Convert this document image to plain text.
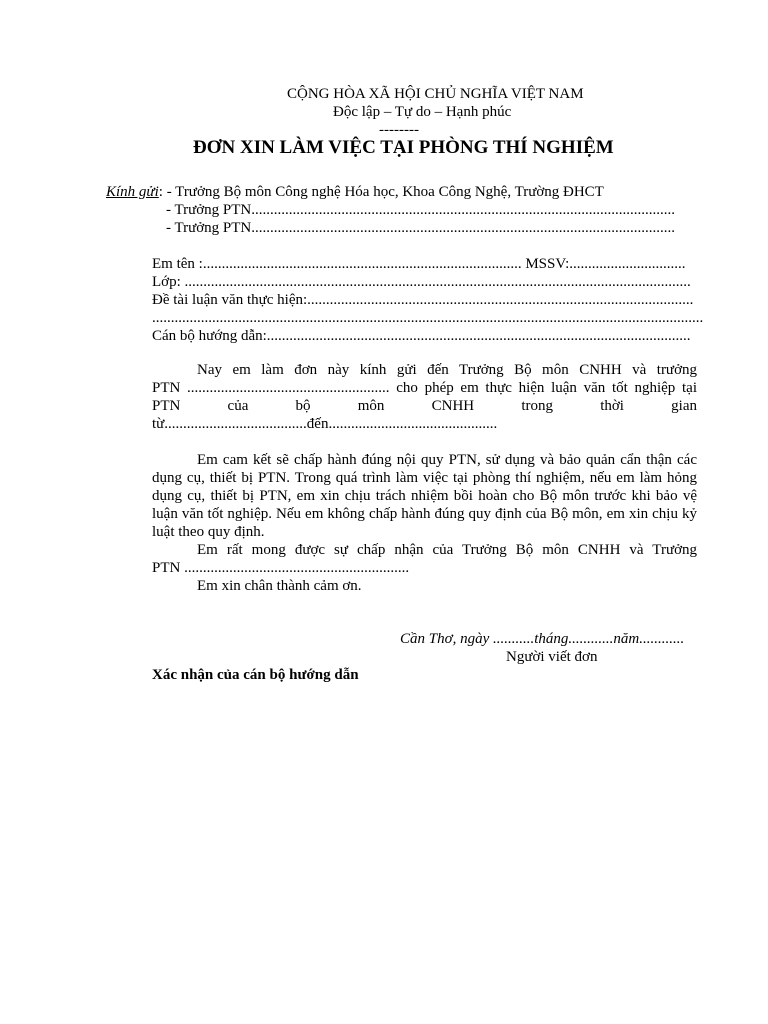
CỘNG HÒA XÃ HỘI CHỦ NGHĨA VIỆT NAM
Độc lập – Tự do – Hạnh phúc
--------
ĐƠN XIN LÀM VIỆC TẠI PHÒNG THÍ NGHIỆM
Kính gửi: - Trưởng Bộ môn Công nghệ Hóa học, Khoa Công Nghệ, Trường ĐHCT
- Trưởng PTN.................................................................................................................
- Trưởng PTN.................................................................................................................
Em tên :..................................................................................... MSSV:...............................
Lớp: .......................................................................................................................................
Đề tài luận văn thực hiện:.......................................................................................................
...................................................................................................................................................
Cán bộ hướng dẫn:.................................................................................................................
Nay em làm đơn này kính gửi đến Trưởng Bộ môn CNHH và trưởng
PTN ...................................................... cho phép em thực hiện luận văn tốt nghiệp tại
PTN của bộ môn CNHH trong thời gian
từ......................................đến.............................................
Em cam kết sẽ chấp hành đúng nội quy PTN, sử dụng và bảo quản cẩn thận các
dụng cụ, thiết bị PTN. Trong quá trình làm việc tại phòng thí nghiệm, nếu em làm hỏng
dụng cụ, thiết bị PTN, em xin chịu trách nhiệm bồi hoàn cho Bộ môn trước khi bảo vệ
luận văn tốt nghiệp. Nếu em không chấp hành đúng quy định của Bộ môn, em xin chịu kỷ
luật theo quy định.
Em rất mong được sự chấp nhận của Trưởng Bộ môn CNHH và Trưởng
PTN ............................................................
Em xin chân thành cảm ơn.
Cần Thơ, ngày ...........tháng............năm............
Người viết đơn
Xác nhận của cán bộ hướng dẫn
